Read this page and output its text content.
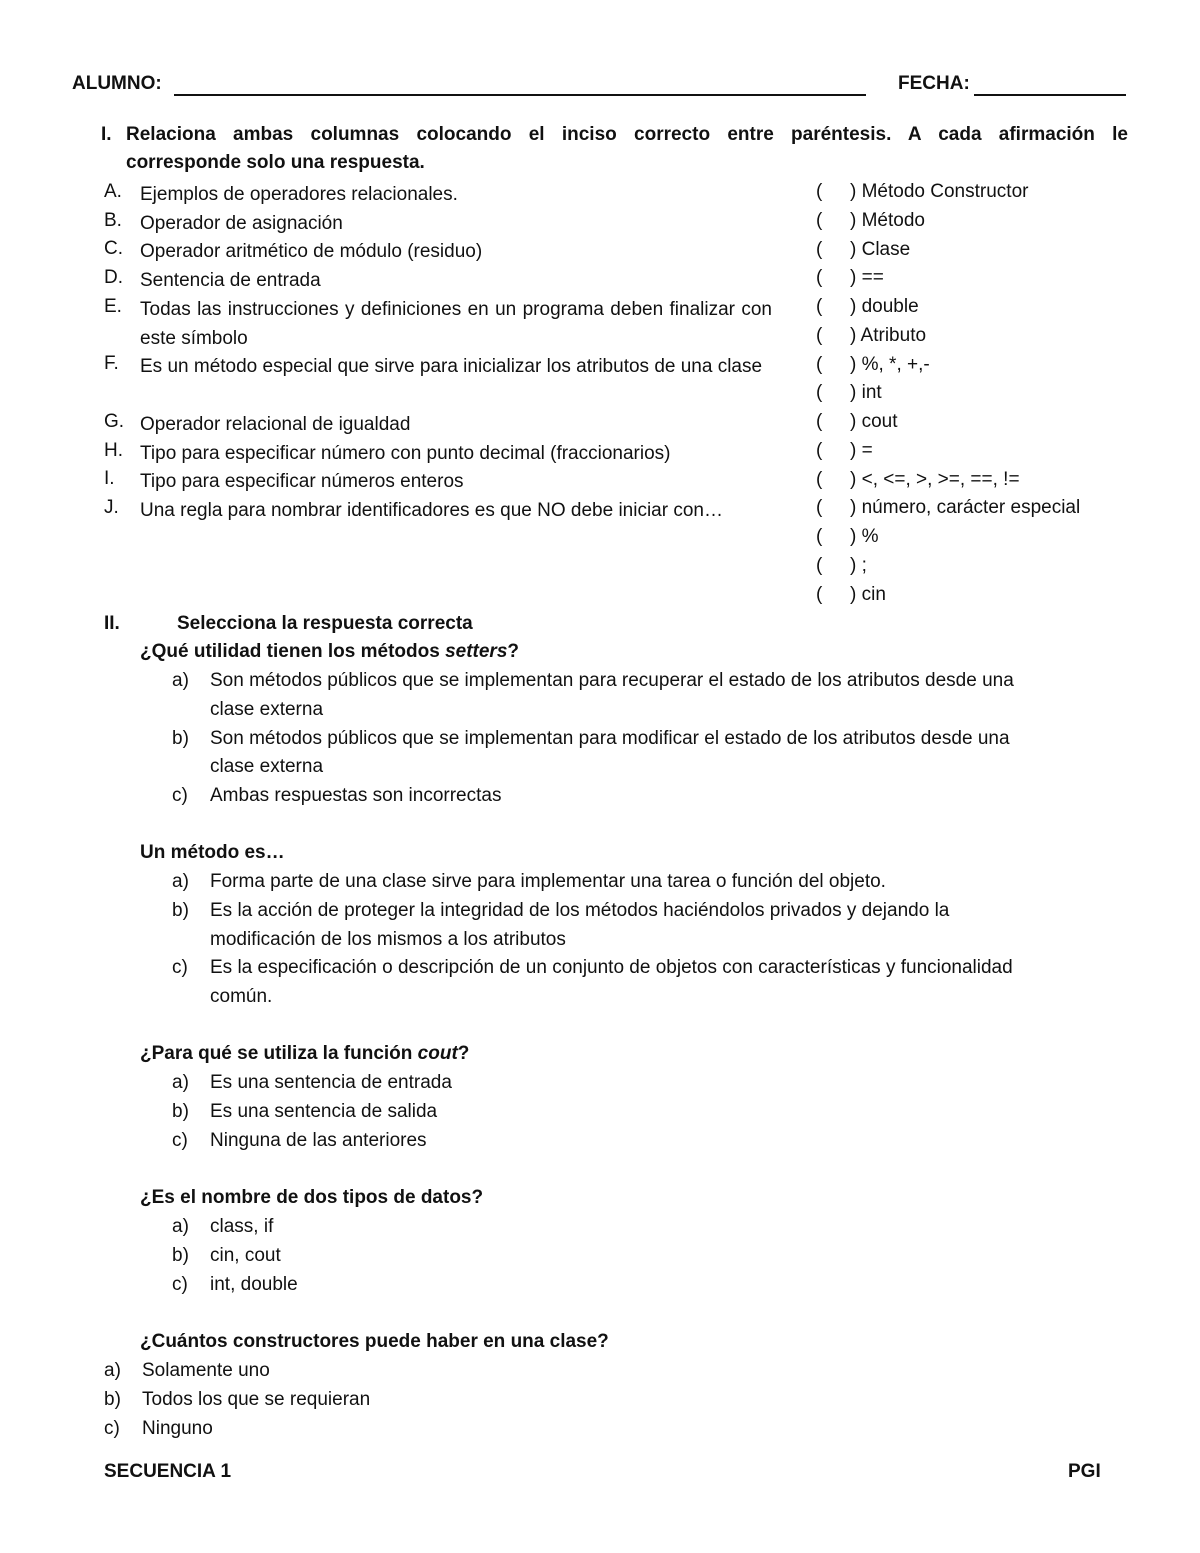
ALUMNO:	FECHA:
I. Relaciona ambas columnas colocando el inciso correcto entre paréntesis. A cada afirmación le
corresponde solo una respuesta.
A. Ejemplos de operadores relacionales.
B. Operador de asignación
C. Operador aritmético de módulo (residuo)
D. Sentencia de entrada
E. Todas las instrucciones y definiciones en un programa deben finalizar con este símbolo
F. Es un método especial que sirve para inicializar los atributos de una clase
G. Operador relacional de igualdad
H. Tipo para especificar número con punto decimal (fraccionarios)
I. Tipo para especificar números enteros
J. Una regla para nombrar identificadores es que NO debe iniciar con…
( ) Método Constructor
( ) Método
( ) Clase
( ) ==
( ) double
( ) Atributo
( ) %, *, +,-
( ) int
( ) cout
( ) =
( ) <, <=, >, >=, ==, !=
( ) número, carácter especial
( ) %
( ) ;
( ) cin
II.	Selecciona la respuesta correcta
¿Qué utilidad tienen los métodos setters?
a) Son métodos públicos que se implementan para recuperar el estado de los atributos desde una
clase externa
b) Son métodos públicos que se implementan para modificar el estado de los atributos desde una
clase externa
c) Ambas respuestas son incorrectas
Un método es…
a) Forma parte de una clase sirve para implementar una tarea o función del objeto.
b) Es la acción de proteger la integridad de los métodos haciéndolos privados y dejando la
modificación de los mismos a los atributos
c) Es la especificación o descripción de un conjunto de objetos con características y funcionalidad
común.
¿Para qué se utiliza la función cout?
a) Es una sentencia de entrada
b) Es una sentencia de salida
c) Ninguna de las anteriores
¿Es el nombre de dos tipos de datos?
a) class, if
b) cin, cout
c) int, double
¿Cuántos constructores puede haber en una clase?
a) Solamente uno
b) Todos los que se requieran
c) Ninguno
SECUENCIA 1	PGI
